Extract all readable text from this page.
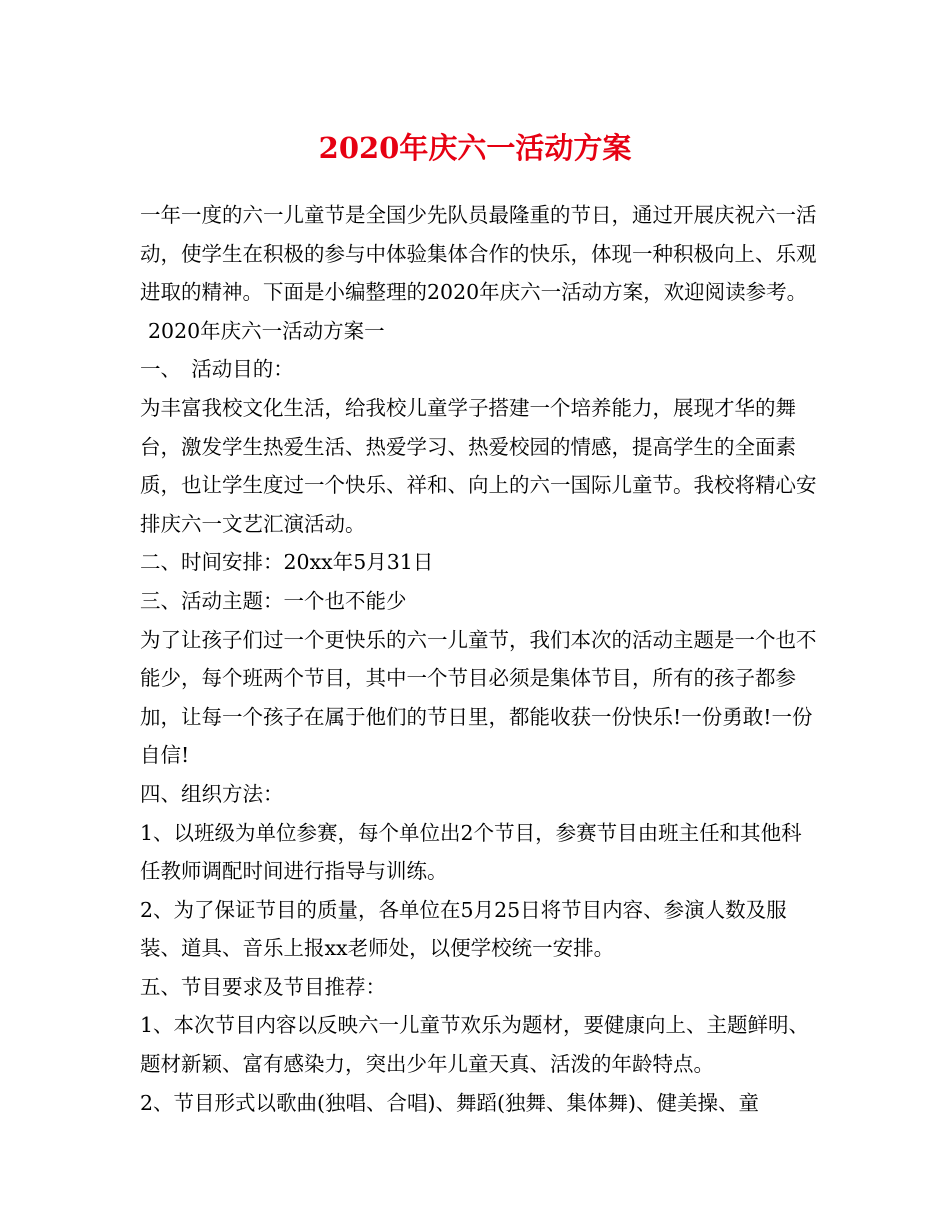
2020年庆六一活动方案

一年一度的六一儿童节是全国少先队员最隆重的节日，通过开展庆祝六一活动，使学生在积极的参与中体验集体合作的快乐，体现一种积极向上、乐观进取的精神。下面是小编整理的2020年庆六一活动方案，欢迎阅读参考。

2020年庆六一活动方案一

一、　活动目的：

为丰富我校文化生活，给我校儿童学子搭建一个培养能力，展现才华的舞台，激发学生热爱生活、热爱学习、热爱校园的情感，提高学生的全面素质，也让学生度过一个快乐、祥和、向上的六一国际儿童节。我校将精心安排庆六一文艺汇演活动。

二、时间安排：20xx年5月31日

三、活动主题：一个也不能少

为了让孩子们过一个更快乐的六一儿童节，我们本次的活动主题是一个也不能少，每个班两个节目，其中一个节目必须是集体节目，所有的孩子都参加，让每一个孩子在属于他们的节日里，都能收获一份快乐!一份勇敢!一份自信!

四、组织方法：

1、以班级为单位参赛，每个单位出2个节目，参赛节目由班主任和其他科任教师调配时间进行指导与训练。

2、为了保证节目的质量，各单位在5月25日将节目内容、参演人数及服装、道具、音乐上报xx老师处，以便学校统一安排。

五、节目要求及节目推荐：

1、本次节目内容以反映六一儿童节欢乐为题材，要健康向上、主题鲜明、题材新颖、富有感染力，突出少年儿童天真、活泼的年龄特点。

2、节目形式以歌曲(独唱、合唱)、舞蹈(独舞、集体舞)、健美操、童
